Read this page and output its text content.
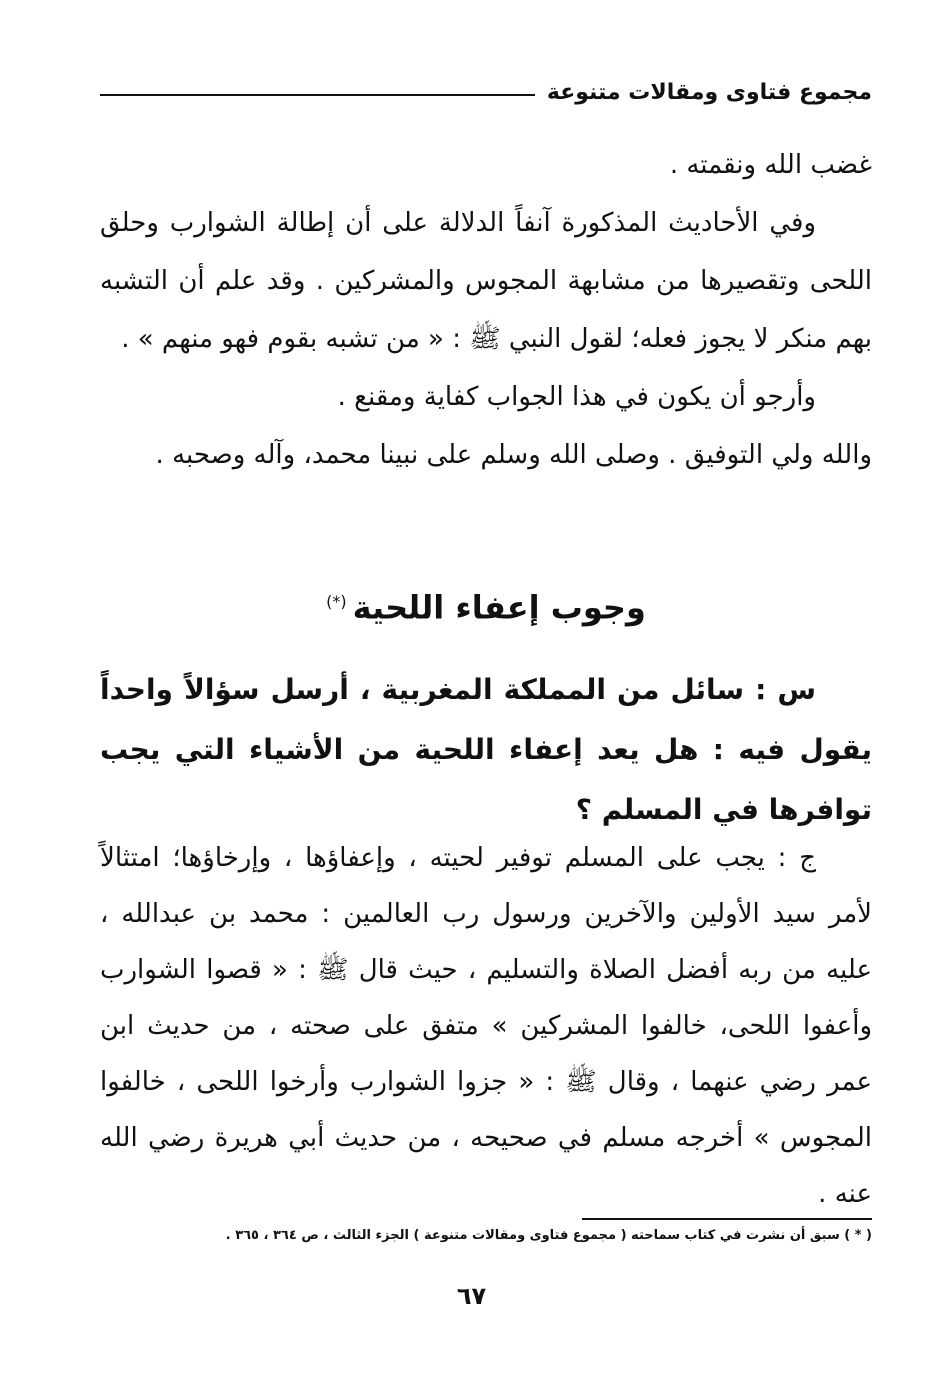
مجموع فتاوى ومقالات متنوعة

غضب الله ونقمته .

وفي الأحاديث المذكورة آنفاً الدلالة على أن إطالة الشوارب وحلق اللحى وتقصيرها من مشابهة المجوس والمشركين . وقد علم أن التشبه بهم منكر لا يجوز فعله؛ لقول النبي ﷺ : « من تشبه بقوم فهو منهم » .

وأرجو أن يكون في هذا الجواب كفاية ومقنع .

والله ولي التوفيق . وصلى الله وسلم على نبينا محمد، وآله وصحبه .

وجوب إعفاء اللحية(*)

س : سائل من المملكة المغربية ، أرسل سؤالاً واحداً يقول فيه : هل يعد إعفاء اللحية من الأشياء التي يجب توافرها في المسلم ؟

ج : يجب على المسلم توفير لحيته ، وإعفاؤها ، وإرخاؤها؛ امتثالاً لأمر سيد الأولين والآخرين ورسول رب العالمين : محمد بن عبدالله ، عليه من ربه أفضل الصلاة والتسليم ، حيث قال ﷺ : « قصوا الشوارب وأعفوا اللحى، خالفوا المشركين » متفق على صحته ، من حديث ابن عمر رضي عنهما ، وقال ﷺ : « جزوا الشوارب وأرخوا اللحى ، خالفوا المجوس » أخرجه مسلم في صحيحه ، من حديث أبي هريرة رضي الله عنه .

( * ) سبق أن نشرت في كتاب سماحته ( مجموع فتاوى ومقالات متنوعة ) الجزء الثالث ، ص ٣٦٤ ، ٣٦٥ .
٦٧
